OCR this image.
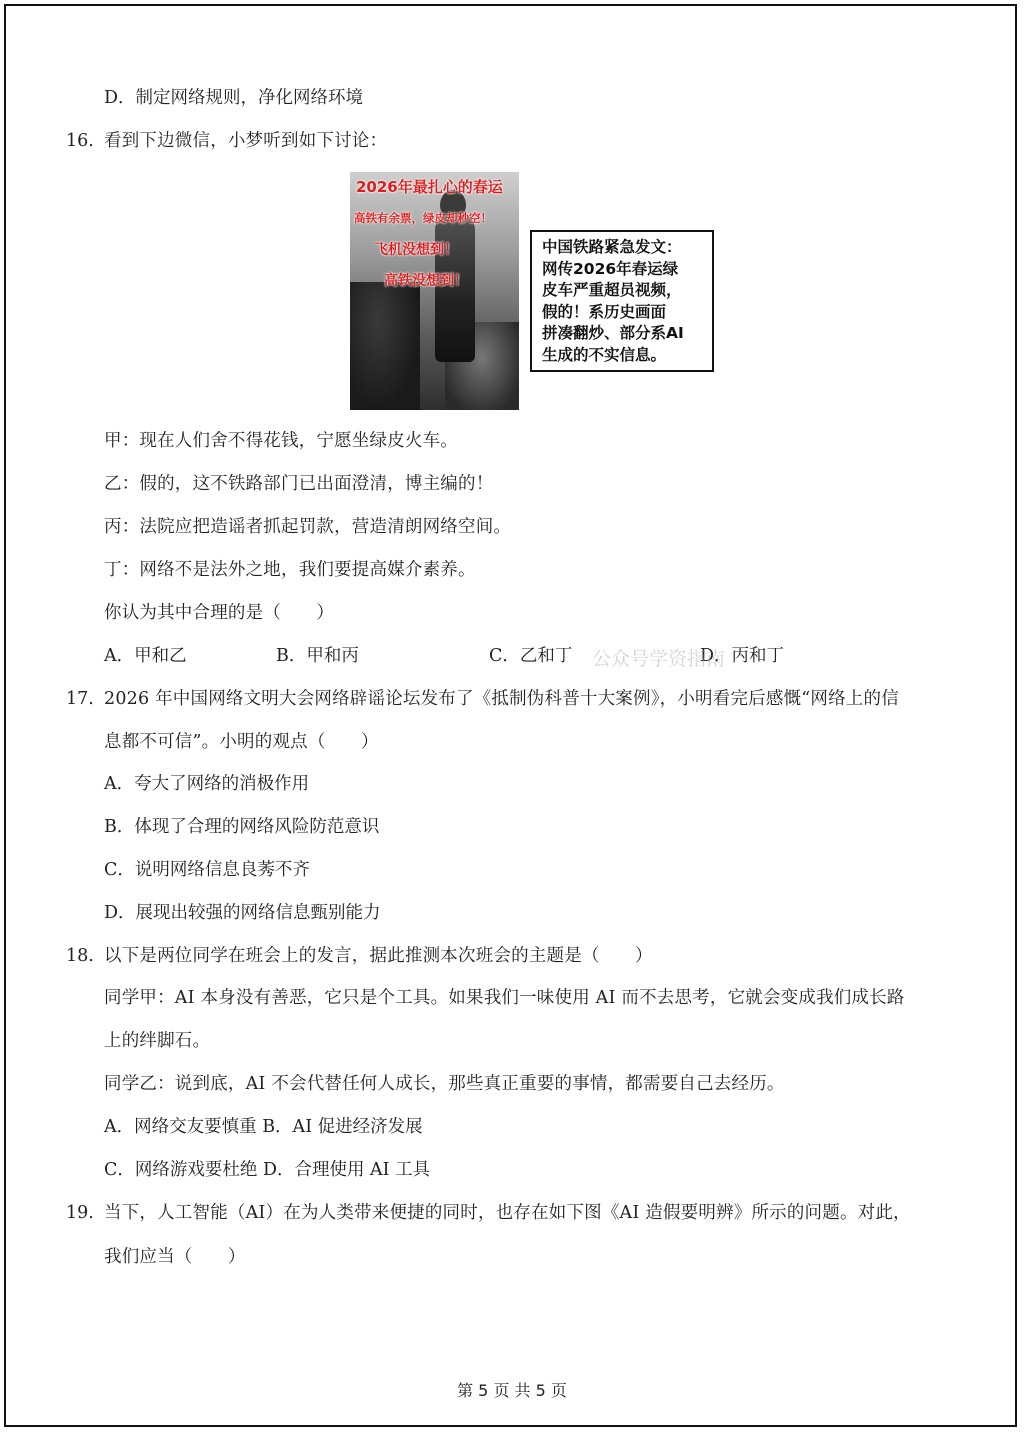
D．制定网络规则，净化网络环境
16. 看到下边微信，小梦听到如下讨论：
2026年最扎心的春运
高铁有余票，绿皮却秒空！
飞机没想到！
高铁没想到！
中国铁路紧急发文：
网传2026年春运绿
皮车严重超员视频，
假的！系历史画面
拼凑翻炒、部分系AI
生成的不实信息。
甲：现在人们舍不得花钱，宁愿坐绿皮火车。
乙：假的，这不铁路部门已出面澄清，博主编的！
丙：法院应把造谣者抓起罚款，营造清朗网络空间。
丁：网络不是法外之地，我们要提高媒介素养。
你认为其中合理的是（　　）
A．甲和乙	B．甲和丙	C．乙和丁	D．丙和丁
公众号学资指南
17. 2026 年中国网络文明大会网络辟谣论坛发布了《抵制伪科普十大案例》，小明看完后感慨“网络上的信
息都不可信”。小明的观点（　　）
A．夸大了网络的消极作用
B．体现了合理的网络风险防范意识
C．说明网络信息良莠不齐
D．展现出较强的网络信息甄别能力
18. 以下是两位同学在班会上的发言，据此推测本次班会的主题是（　　）
同学甲：AI 本身没有善恶，它只是个工具。如果我们一味使用 AI 而不去思考，它就会变成我们成长路
上的绊脚石。
同学乙：说到底，AI 不会代替任何人成长，那些真正重要的事情，都需要自己去经历。
A．网络交友要慎重 B．AI 促进经济发展
C．网络游戏要杜绝 D．合理使用 AI 工具
19. 当下，人工智能（AI）在为人类带来便捷的同时，也存在如下图《AI 造假要明辨》所示的问题。对此，
我们应当（　　）
第 5 页 共 5 页
